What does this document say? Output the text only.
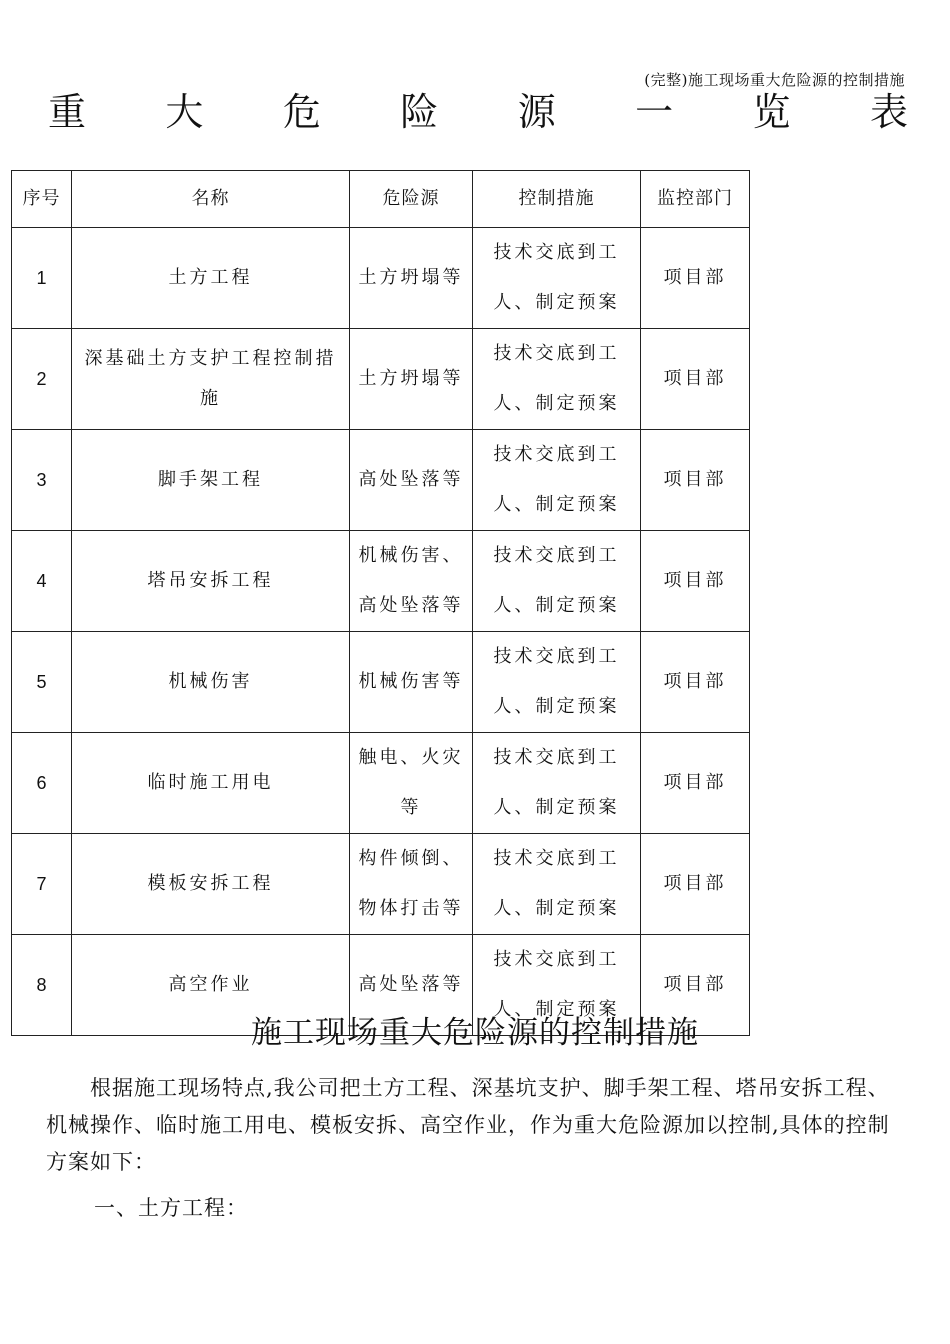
(完整)施工现场重大危险源的控制措施
重 大 危 险 源 一 览 表
序号	名称	危险源	控制措施	监控部门
1	土方工程	土方坍塌等	技术交底到工人、制定预案	项目部
2	深基础土方支护工程控制措施	土方坍塌等	技术交底到工人、制定预案	项目部
3	脚手架工程	高处坠落等	技术交底到工人、制定预案	项目部
4	塔吊安拆工程	机械伤害、高处坠落等	技术交底到工人、制定预案	项目部
5	机械伤害	机械伤害等	技术交底到工人、制定预案	项目部
6	临时施工用电	触电、火灾等	技术交底到工人、制定预案	项目部
7	模板安拆工程	构件倾倒、物体打击等	技术交底到工人、制定预案	项目部
8	高空作业	高处坠落等	技术交底到工人、制定预案	项目部
施工现场重大危险源的控制措施

根据施工现场特点,我公司把土方工程、深基坑支护、脚手架工程、塔吊安拆工程、机械操作、临时施工用电、模板安拆、高空作业，作为重大危险源加以控制,具体的控制方案如下：

一、土方工程：
